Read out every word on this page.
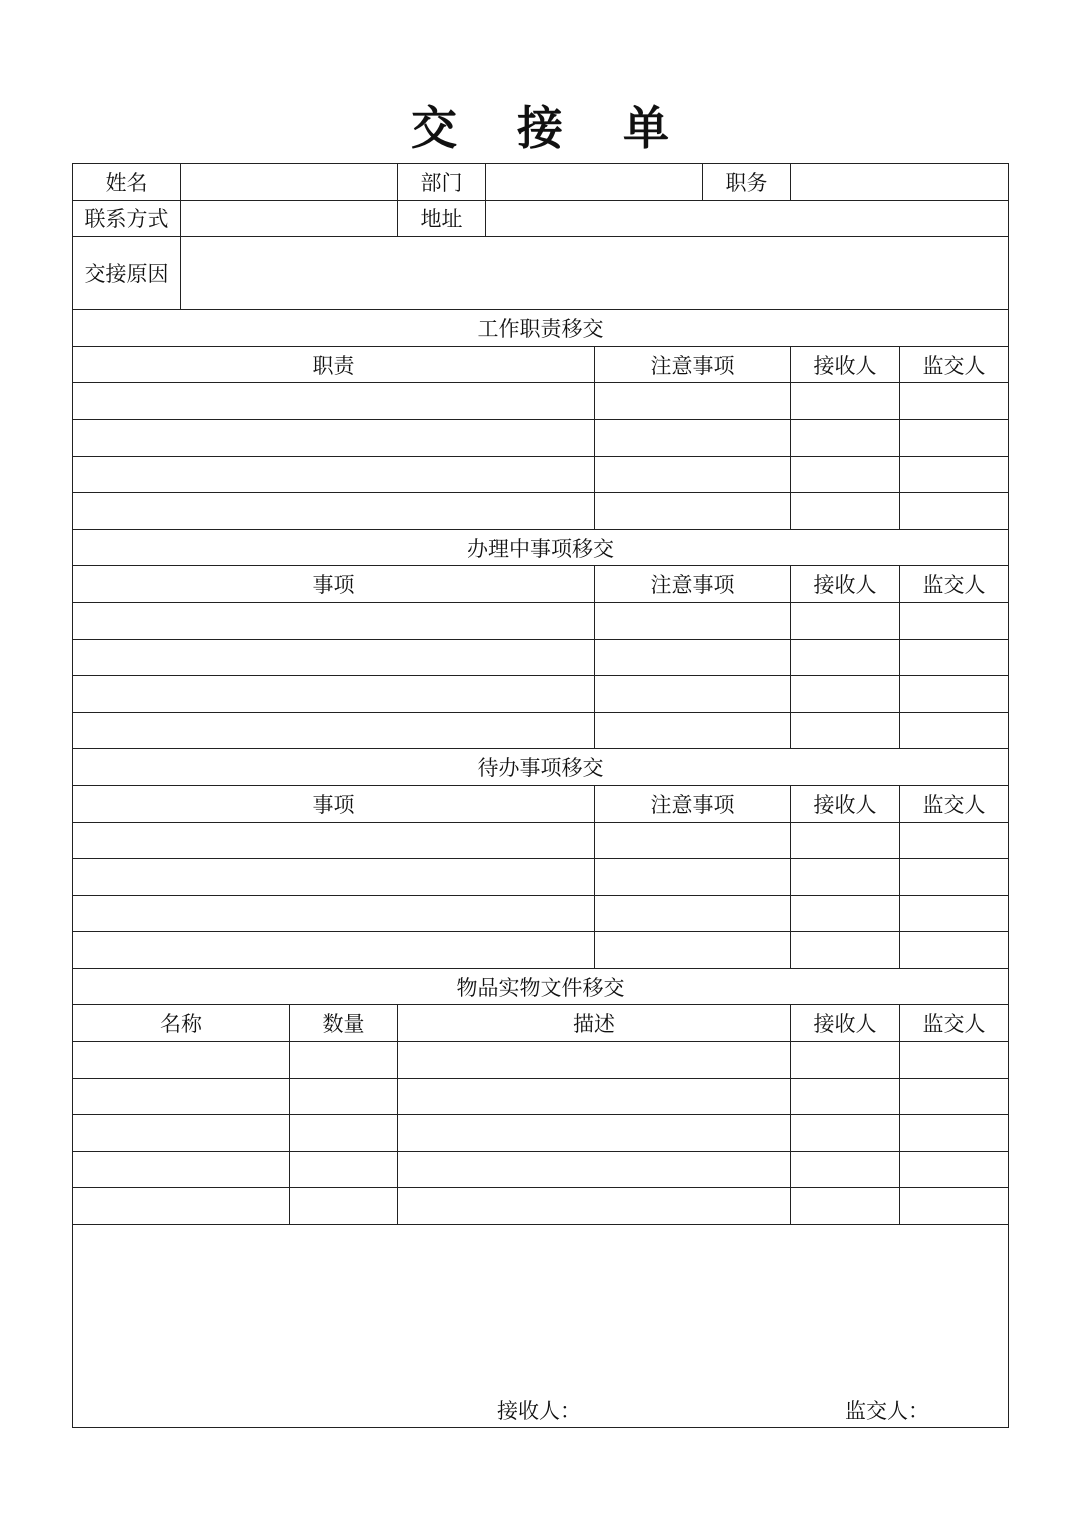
交 接 单
姓名			部门			职务		
联系方式			地址					
交接原因								
工作职责移交								
职责					注意事项		接收人	监交人

办理中事项移交								
事项					注意事项		接收人	监交人

待办事项移交								
事项					注意事项		接收人	监交人

物品实物文件移交								
名称		数量	描述				接收人	监交人

接收人： 监交人：								
